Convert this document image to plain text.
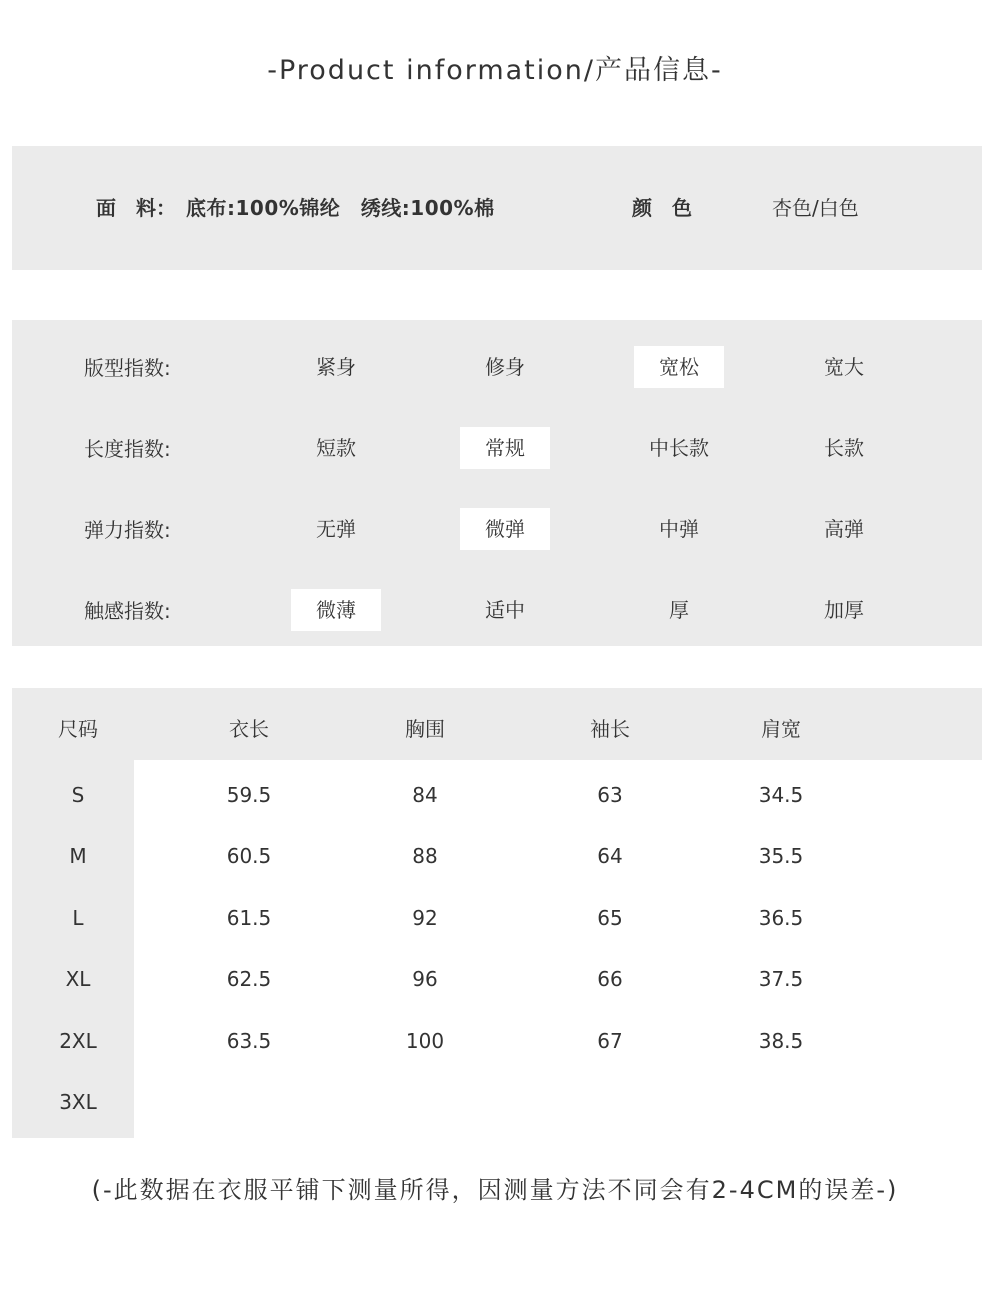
-Product information/产品信息-
面　料： 底布:100%锦纶　绣线:100%棉	颜　色	杏色/白色
版型指数:	紧身	修身	宽松	宽大
长度指数:	短款	常规	中长款	长款
弹力指数:	无弹	微弹	中弹	高弹
触感指数:	微薄	适中	厚	加厚
尺码	衣长	胸围	袖长	肩宽
S	59.5	84	63	34.5
M	60.5	88	64	35.5
L	61.5	92	65	36.5
XL	62.5	96	66	37.5
2XL	63.5	100	67	38.5
3XL
(-此数据在衣服平铺下测量所得，因测量方法不同会有2-4CM的误差-)
